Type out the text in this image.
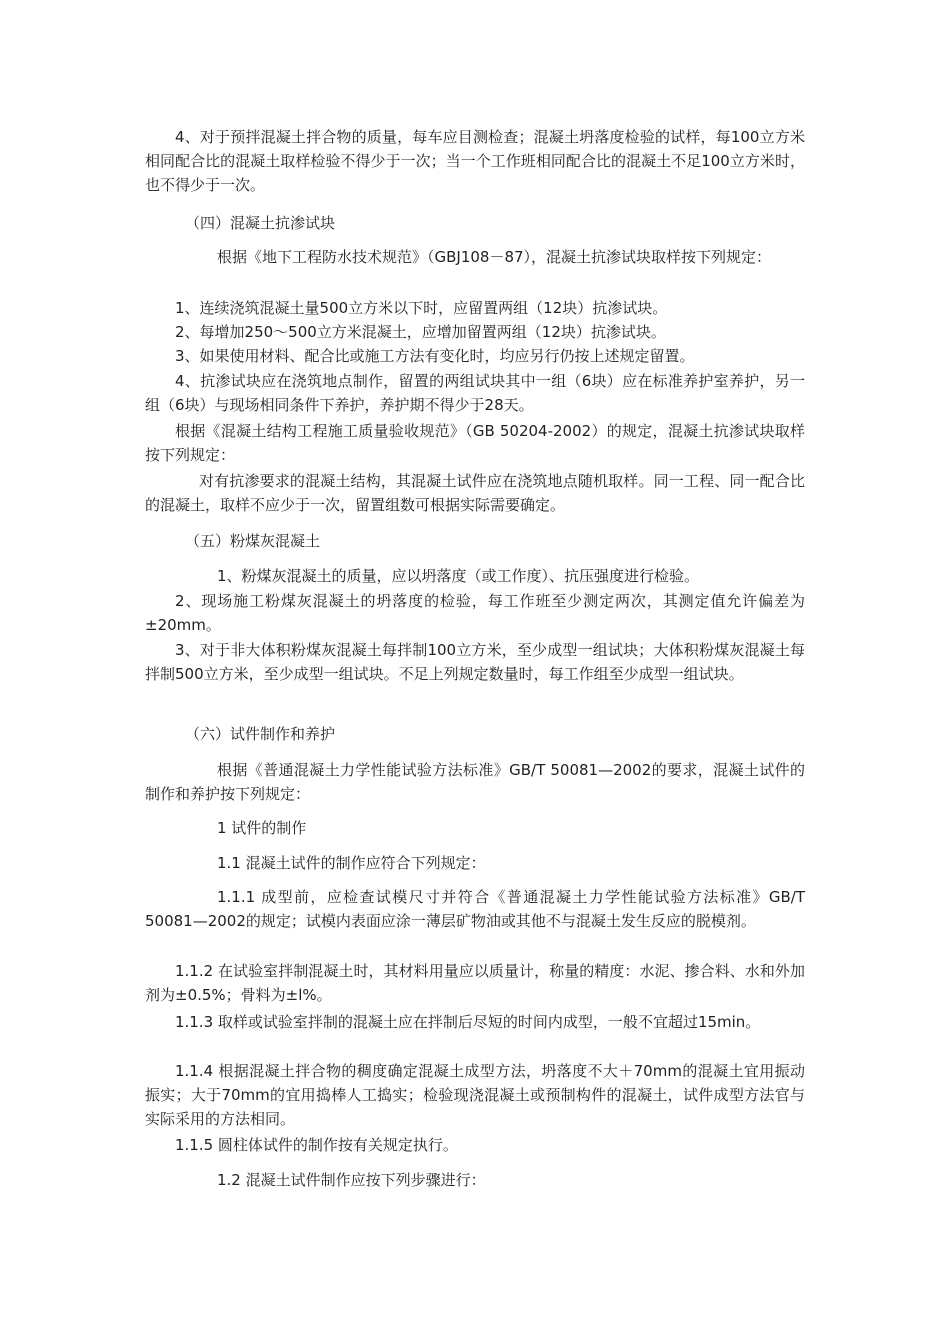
4、对于预拌混凝土拌合物的质量，每车应目测检查；混凝土坍落度检验的试样，每100立方米相同配合比的混凝土取样检验不得少于一次；当一个工作班相同配合比的混凝土不足100立方米时，也不得少于一次。

（四）混凝土抗渗试块

根据《地下工程防水技术规范》（GBJ108－87），混凝土抗渗试块取样按下列规定：

1、连续浇筑混凝土量500立方米以下时，应留置两组（12块）抗渗试块。

2、每增加250～500立方米混凝土，应增加留置两组（12块）抗渗试块。

3、如果使用材料、配合比或施工方法有变化时，均应另行仍按上述规定留置。

4、抗渗试块应在浇筑地点制作，留置的两组试块其中一组（6块）应在标准养护室养护，另一组（6块）与现场相同条件下养护，养护期不得少于28天。

根据《混凝土结构工程施工质量验收规范》（GB 50204-2002）的规定，混凝土抗渗试块取样按下列规定：

对有抗渗要求的混凝土结构，其混凝土试件应在浇筑地点随机取样。同一工程、同一配合比的混凝土，取样不应少于一次，留置组数可根据实际需要确定。

（五）粉煤灰混凝土

1、粉煤灰混凝土的质量，应以坍落度（或工作度）、抗压强度进行检验。

2、现场施工粉煤灰混凝土的坍落度的检验，每工作班至少测定两次，其测定值允许偏差为±20mm。

3、对于非大体积粉煤灰混凝土每拌制100立方米，至少成型一组试块；大体积粉煤灰混凝土每拌制500立方米，至少成型一组试块。不足上列规定数量时，每工作组至少成型一组试块。

（六）试件制作和养护

根据《普通混凝土力学性能试验方法标准》GB/T 50081—2002的要求，混凝土试件的制作和养护按下列规定：

1 试件的制作

1.1 混凝土试件的制作应符合下列规定：

1.1.1 成型前，应检查试模尺寸并符合《普通混凝土力学性能试验方法标准》GB/T 50081—2002的规定；试模内表面应涂一薄层矿物油或其他不与混凝土发生反应的脱模剂。

1.1.2 在试验室拌制混凝土时，其材料用量应以质量计，称量的精度：水泥、掺合料、水和外加剂为±0.5%；骨料为±l%。

1.1.3 取样或试验室拌制的混凝土应在拌制后尽短的时间内成型，一般不宜超过15min。

1.1.4 根据混凝土拌合物的稠度确定混凝土成型方法，坍落度不大＋70mm的混凝土宜用振动振实；大于70mm的宜用捣棒人工捣实；检验现浇混凝土或预制构件的混凝土，试件成型方法官与实际采用的方法相同。

1.1.5 圆柱体试件的制作按有关规定执行。

1.2 混凝土试件制作应按下列步骤进行：
